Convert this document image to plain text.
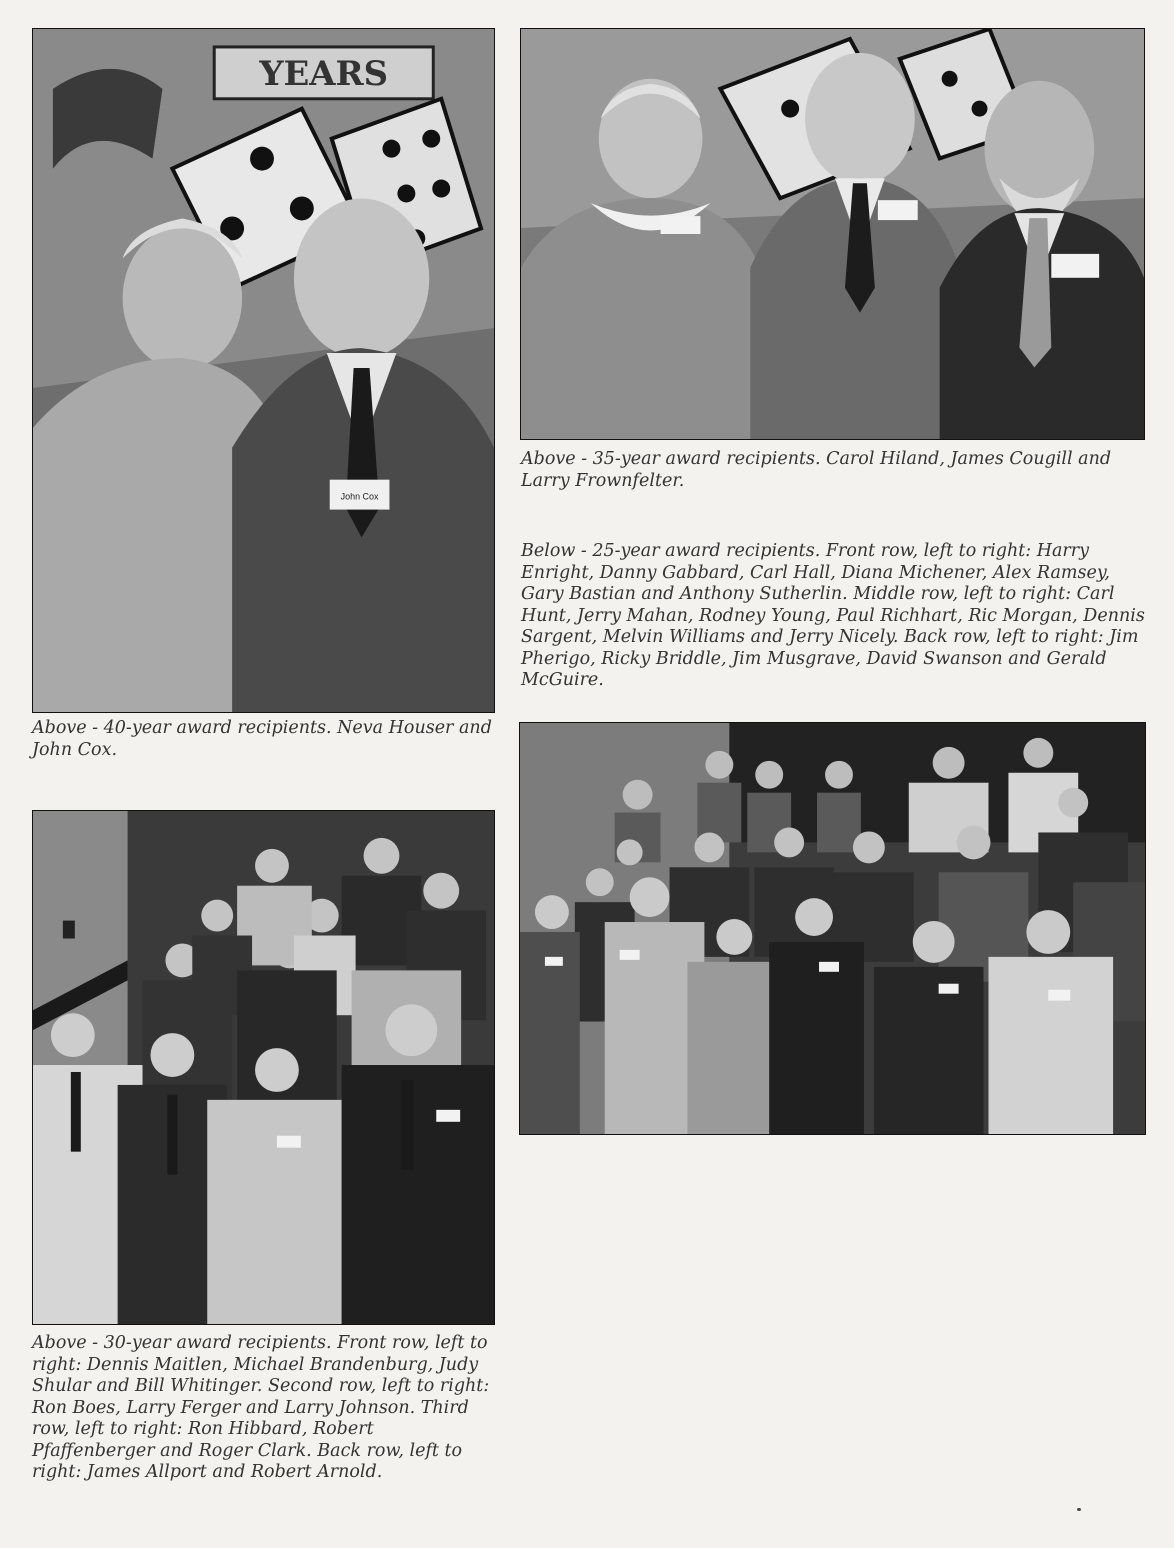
YEARS
John Cox

Above - 35-year award recipients. Carol Hiland, James Cougill and Larry Frownfelter.

Below - 25-year award recipients. Front row, left to right: Harry Enright, Danny Gabbard, Carl Hall, Diana Michener, Alex Ramsey, Gary Bastian and Anthony Sutherlin. Middle row, left to right: Carl Hunt, Jerry Mahan, Rodney Young, Paul Richhart, Ric Morgan, Dennis Sargent, Melvin Williams and Jerry Nicely. Back row, left to right: Jim Pherigo, Ricky Briddle, Jim Musgrave, David Swanson and Gerald McGuire.

Above - 40-year award recipients. Neva Houser and John Cox.

Above - 30-year award recipients. Front row, left to right: Dennis Maitlen, Michael Brandenburg, Judy Shular and Bill Whitinger. Second row, left to right: Ron Boes, Larry Ferger and Larry Johnson. Third row, left to right: Ron Hibbard, Robert Pfaffenberger and Roger Clark. Back row, left to right: James Allport and Robert Arnold.
